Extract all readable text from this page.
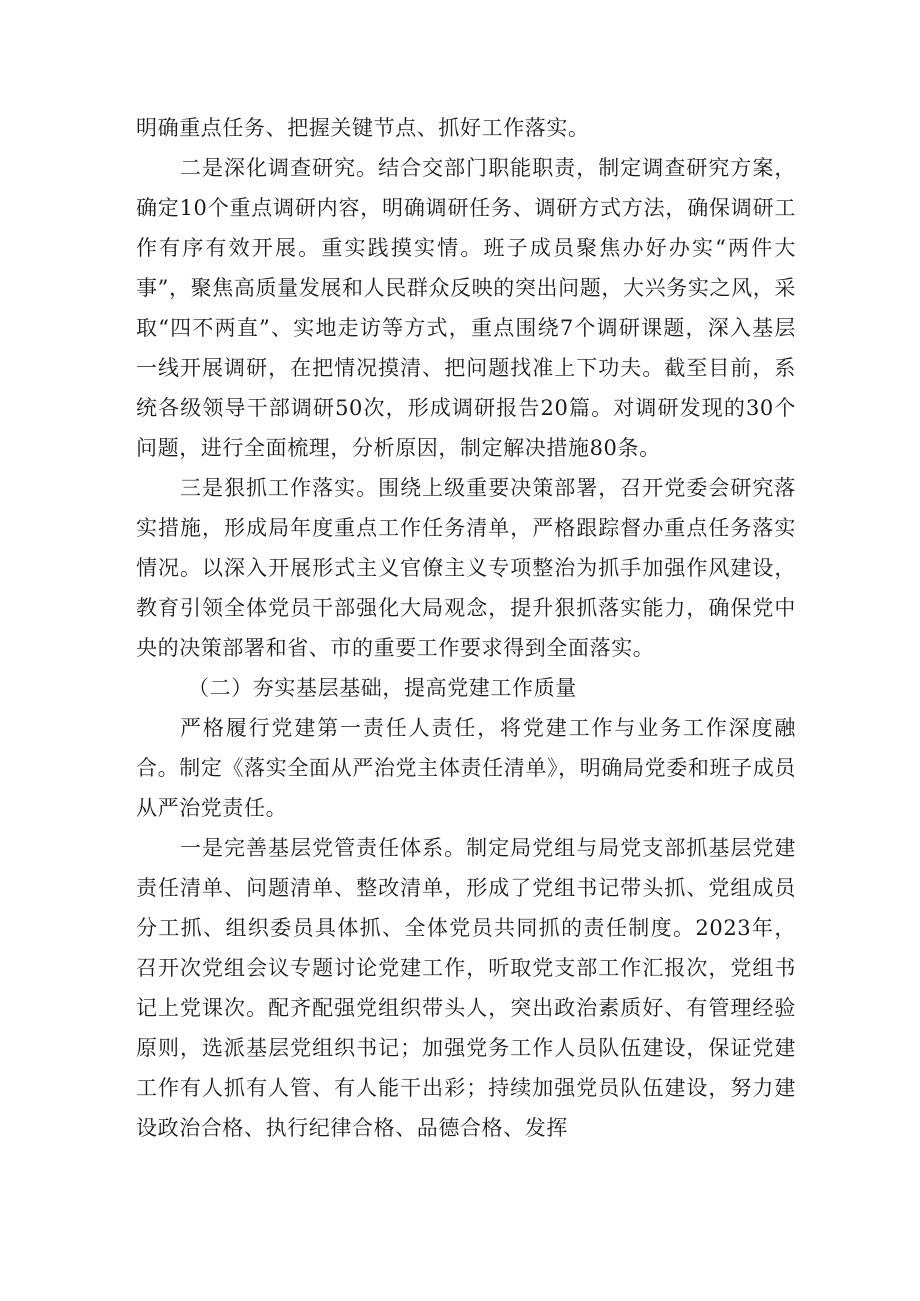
明确重点任务、把握关键节点、抓好工作落实。

二是深化调查研究。结合交部门职能职责，制定调查研究方案，确定10个重点调研内容，明确调研任务、调研方式方法，确保调研工作有序有效开展。重实践摸实情。班子成员聚焦办好办实“两件大事”，聚焦高质量发展和人民群众反映的突出问题，大兴务实之风，采取“四不两直”、实地走访等方式，重点围绕7个调研课题，深入基层一线开展调研，在把情况摸清、把问题找准上下功夫。截至目前，系统各级领导干部调研50次，形成调研报告20篇。对调研发现的30个问题，进行全面梳理，分析原因，制定解决措施80条。

三是狠抓工作落实。围绕上级重要决策部署，召开党委会研究落实措施，形成局年度重点工作任务清单，严格跟踪督办重点任务落实情况。以深入开展形式主义官僚主义专项整治为抓手加强作风建设，教育引领全体党员干部强化大局观念，提升狠抓落实能力，确保党中央的决策部署和省、市的重要工作要求得到全面落实。

（二）夯实基层基础，提高党建工作质量

严格履行党建第一责任人责任，将党建工作与业务工作深度融合。制定《落实全面从严治党主体责任清单》，明确局党委和班子成员从严治党责任。

一是完善基层党管责任体系。制定局党组与局党支部抓基层党建责任清单、问题清单、整改清单，形成了党组书记带头抓、党组成员分工抓、组织委员具体抓、全体党员共同抓的责任制度。2023年，召开次党组会议专题讨论党建工作，听取党支部工作汇报次，党组书记上党课次。配齐配强党组织带头人，突出政治素质好、有管理经验原则，选派基层党组织书记；加强党务工作人员队伍建设，保证党建工作有人抓有人管、有人能干出彩；持续加强党员队伍建设，努力建设政治合格、执行纪律合格、品德合格、发挥
